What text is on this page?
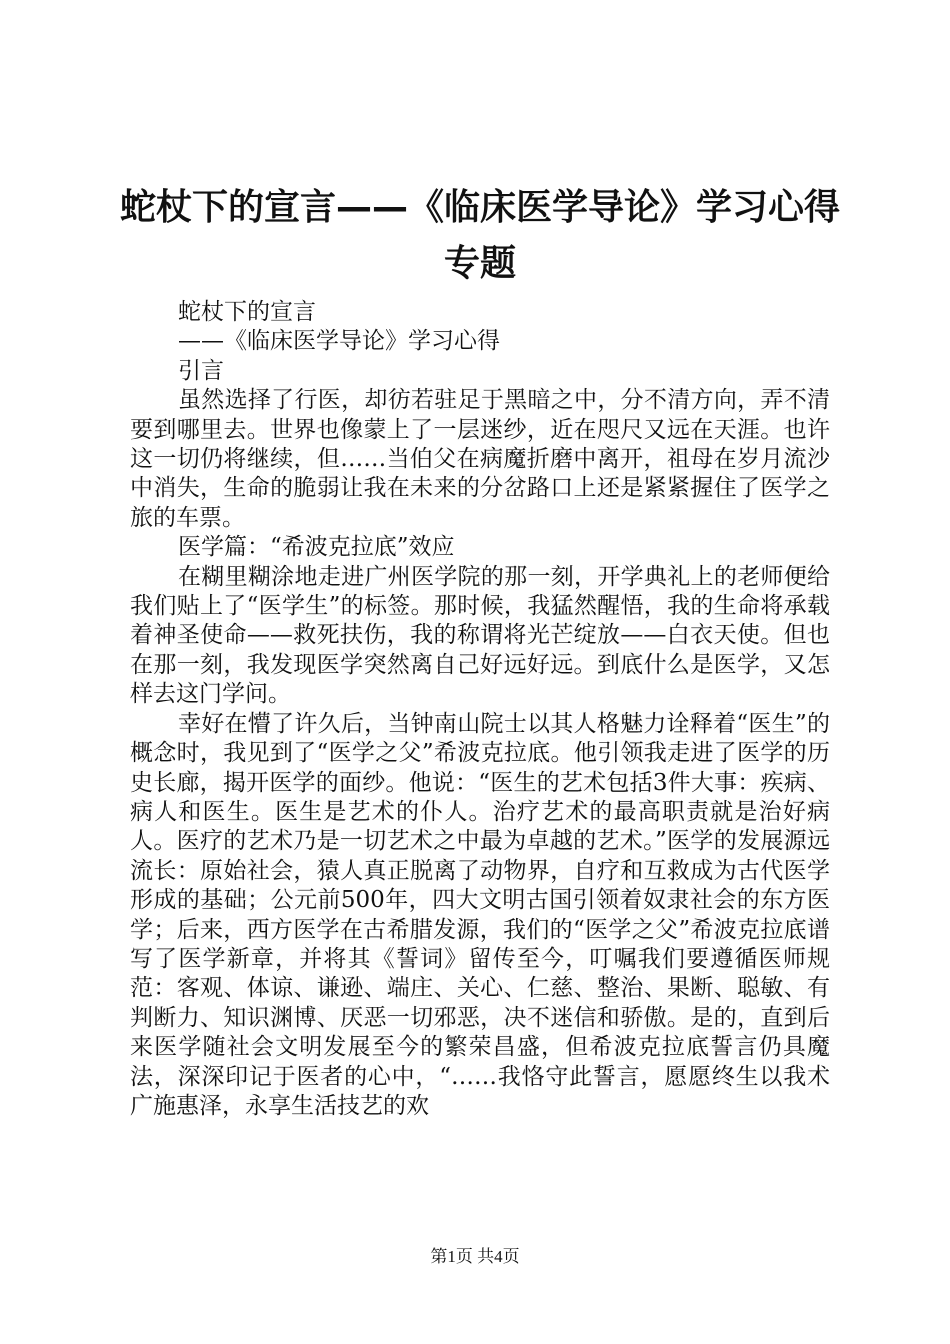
蛇杖下的宣言——《临床医学导论》学习心得
专题

蛇杖下的宣言

——《临床医学导论》学习心得

引言

虽然选择了行医，却彷若驻足于黑暗之中，分不清方向，弄不清要到哪里去。世界也像蒙上了一层迷纱，近在咫尺又远在天涯。也许这一切仍将继续，但……当伯父在病魔折磨中离开，祖母在岁月流沙中消失，生命的脆弱让我在未来的分岔路口上还是紧紧握住了医学之旅的车票。

医学篇：“希波克拉底”效应

在糊里糊涂地走进广州医学院的那一刻，开学典礼上的老师便给我们贴上了“医学生”的标签。那时候，我猛然醒悟，我的生命将承载着神圣使命——救死扶伤，我的称谓将光芒绽放——白衣天使。但也在那一刻，我发现医学突然离自己好远好远。到底什么是医学，又怎样去这门学问。

幸好在懵了许久后，当钟南山院士以其人格魅力诠释着“医生”的概念时，我见到了“医学之父”希波克拉底。他引领我走进了医学的历史长廊，揭开医学的面纱。他说：“医生的艺术包括3件大事：疾病、病人和医生。医生是艺术的仆人。治疗艺术的最高职责就是治好病人。医疗的艺术乃是一切艺术之中最为卓越的艺术。”医学的发展源远流长：原始社会，猿人真正脱离了动物界，自疗和互救成为古代医学形成的基础；公元前500年，四大文明古国引领着奴隶社会的东方医学；后来，西方医学在古希腊发源，我们的“医学之父”希波克拉底谱写了医学新章，并将其《誓词》留传至今，叮嘱我们要遵循医师规范：客观、体谅、谦逊、端庄、关心、仁慈、整治、果断、聪敏、有判断力、知识渊博、厌恶一切邪恶，决不迷信和骄傲。是的，直到后来医学随社会文明发展至今的繁荣昌盛，但希波克拉底誓言仍具魔法，深深印记于医者的心中，“……我恪守此誓言，愿愿终生以我术广施惠泽，永享生活技艺的欢

第1页 共4页
